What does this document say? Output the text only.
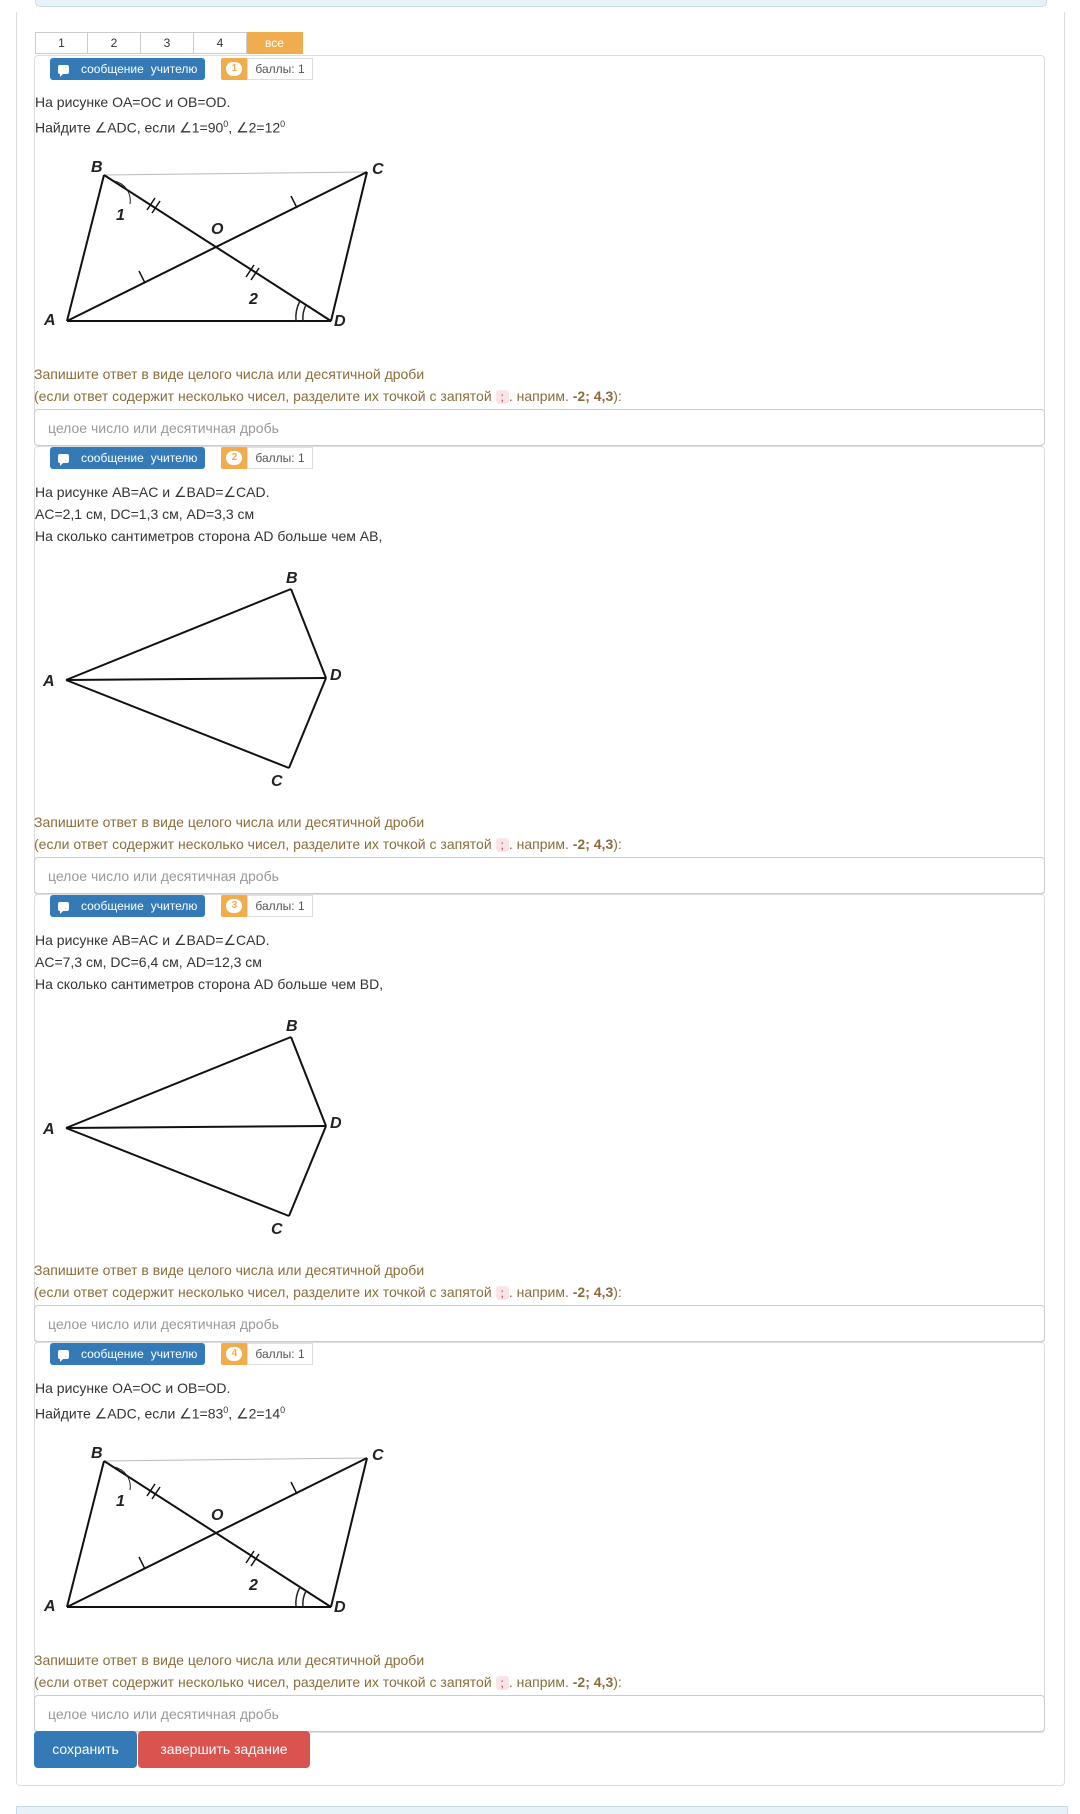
1	2	3	4	все
сообщение учителю	1	баллы: 1
На рисунке OA=OC и OB=OD.
Найдите ∠ADC, если $\angle 1=90^0$, $\angle 2=12^0$
B	C
A	D
O
1
2
Запишите ответ в виде целого числа или десятичной дроби
(если ответ содержит несколько чисел, разделите их точкой с запятой ; . наприм. -2; 4,3):
целое число или десятичная дробь
сообщение учителю	2	баллы: 1
На рисунке AB=AC и ∠BAD=∠CAD.
AC=2,1 см, DC=1,3 см, AD=3,3 см
На сколько сантиметров сторона AD больше чем AB,
B
A	D
C
Запишите ответ в виде целого числа или десятичной дроби
(если ответ содержит несколько чисел, разделите их точкой с запятой ; . наприм. -2; 4,3):
целое число или десятичная дробь
сообщение учителю	3	баллы: 1
На рисунке AB=AC и ∠BAD=∠CAD.
AC=7,3 см, DC=6,4 см, AD=12,3 см
На сколько сантиметров сторона AD больше чем BD,
B
A	D
C
Запишите ответ в виде целого числа или десятичной дроби
(если ответ содержит несколько чисел, разделите их точкой с запятой ; . наприм. -2; 4,3):
целое число или десятичная дробь
сообщение учителю	4	баллы: 1
На рисунке OA=OC и OB=OD.
Найдите ∠ADC, если $\angle 1=83^0$, $\angle 2=14^0$
B	C
A	D
O
1
2
Запишите ответ в виде целого числа или десятичной дроби
(если ответ содержит несколько чисел, разделите их точкой с запятой ; . наприм. -2; 4,3):
целое число или десятичная дробь
сохранить	завершить задание
